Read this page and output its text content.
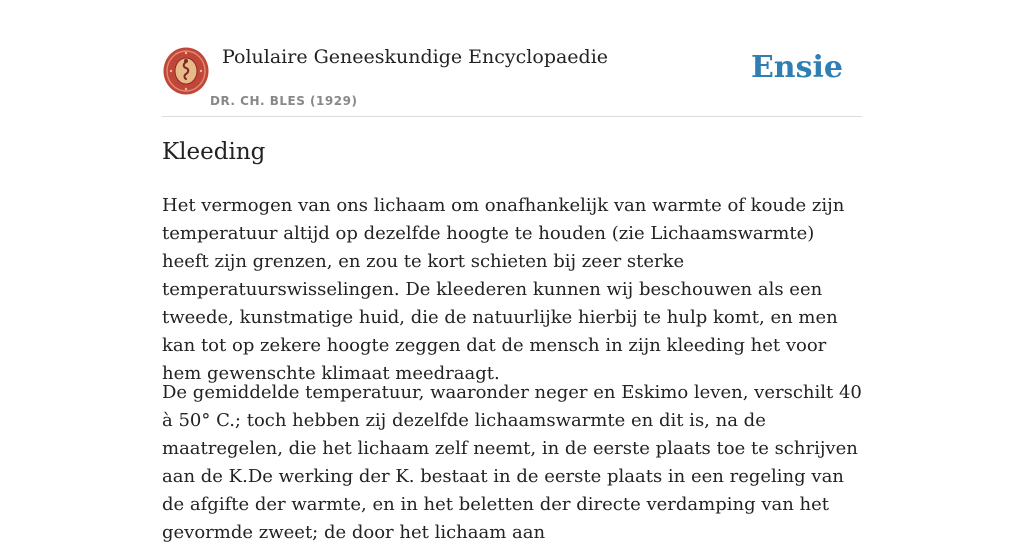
Polulaire Geneeskundige Encyclopaedie
DR. CH. BLES (1929)
Ensie
Kleeding

Het vermogen van ons lichaam om onafhankelijk van warmte of koude zijn temperatuur altijd op dezelfde hoogte te houden (zie Lichaamswarmte) heeft zijn grenzen, en zou te kort schieten bij zeer sterke temperatuurswisselingen. De kleederen kunnen wij beschouwen als een tweede, kunstmatige huid, die de natuurlijke hierbij te hulp komt, en men kan tot op zekere hoogte zeggen dat de mensch in zijn kleeding het voor hem gewenschte klimaat meedraagt.

De gemiddelde temperatuur, waaronder neger en Eskimo leven, verschilt 40 à 50° C.; toch hebben zij dezelfde lichaamswarmte en dit is, na de maatregelen, die het lichaam zelf neemt, in de eerste plaats toe te schrijven aan de K.De werking der K. bestaat in de eerste plaats in een regeling van de afgifte der warmte, en in het beletten der directe verdamping van het gevormde zweet; de door het lichaam aan
